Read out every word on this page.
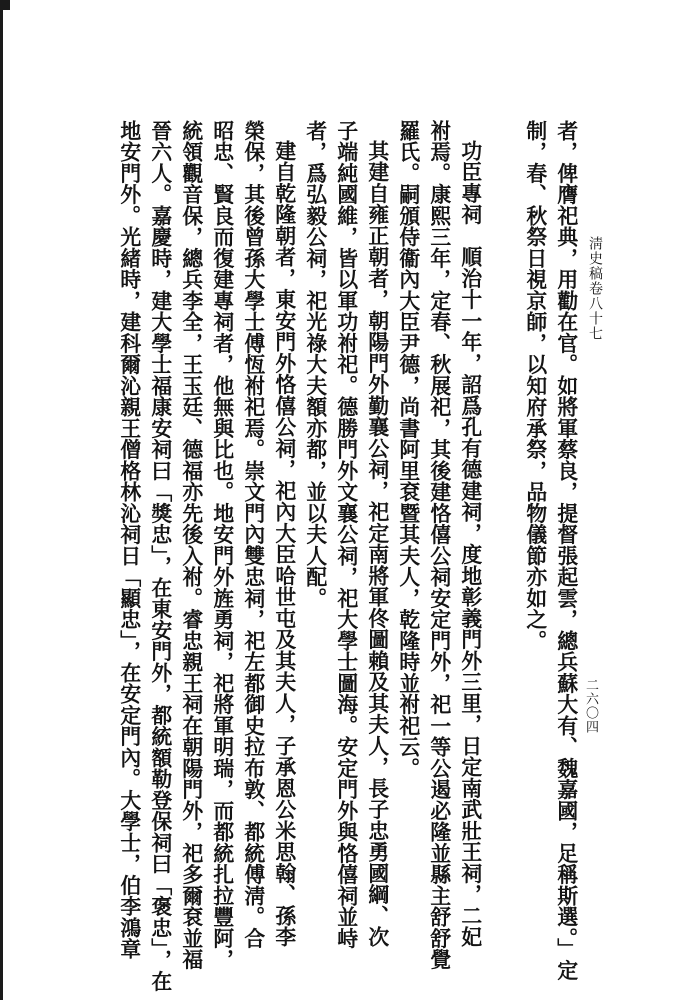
淸史稿卷八十七
二六〇四
者，俾膺祀典，用勸在官。如將軍蔡良，提督張起雲，總兵蘇大有、魏嘉國，足稱斯選。」定
制，春、秋祭日視京師，以知府承祭，品物儀節亦如之。
功臣專祠　順治十一年，詔爲孔有德建祠，度地彰義門外三里，日定南武壯王祠，二妃
祔焉。康熙三年，定春、秋展祀，其後建恪僖公祠安定門外，祀一等公遏必隆並縣主舒舒覺
羅氏。嗣頒侍衞內大臣尹德，尚書阿里袞暨其夫人，乾隆時並祔祀云。
其建自雍正朝者，朝陽門外勤襄公祠，祀定南將軍佟圖賴及其夫人，長子忠勇國綱、次
子端純國維，皆以軍功祔祀。德勝門外文襄公祠，祀大學士圖海。安定門外與恪僖祠並峙
者，爲弘毅公祠，祀光祿大夫額亦都，並以夫人配。
建自乾隆朝者，東安門外恪僖公祠，祀內大臣哈世屯及其夫人，子承恩公米思翰、孫李
榮保，其後曾孫大學士傅恆祔祀焉。崇文門內雙忠祠，祀左都御史拉布敦、都統傅淸。合
昭忠、賢良而復建專祠者，他無與比也。地安門外旌勇祠，祀將軍明瑞，而都統扎拉豐阿，
統領觀音保，總兵李全，王玉廷、德福亦先後入祔。睿忠親王祠在朝陽門外，祀多爾袞並福
晉六人。嘉慶時，建大學士福康安祠曰「獎忠」，在東安門外，都統額勒登保祠曰「褒忠」，在
地安門外。光緒時，建科爾沁親王僧格林沁祠日「顯忠」，在安定門內。大學士，伯李鴻章
